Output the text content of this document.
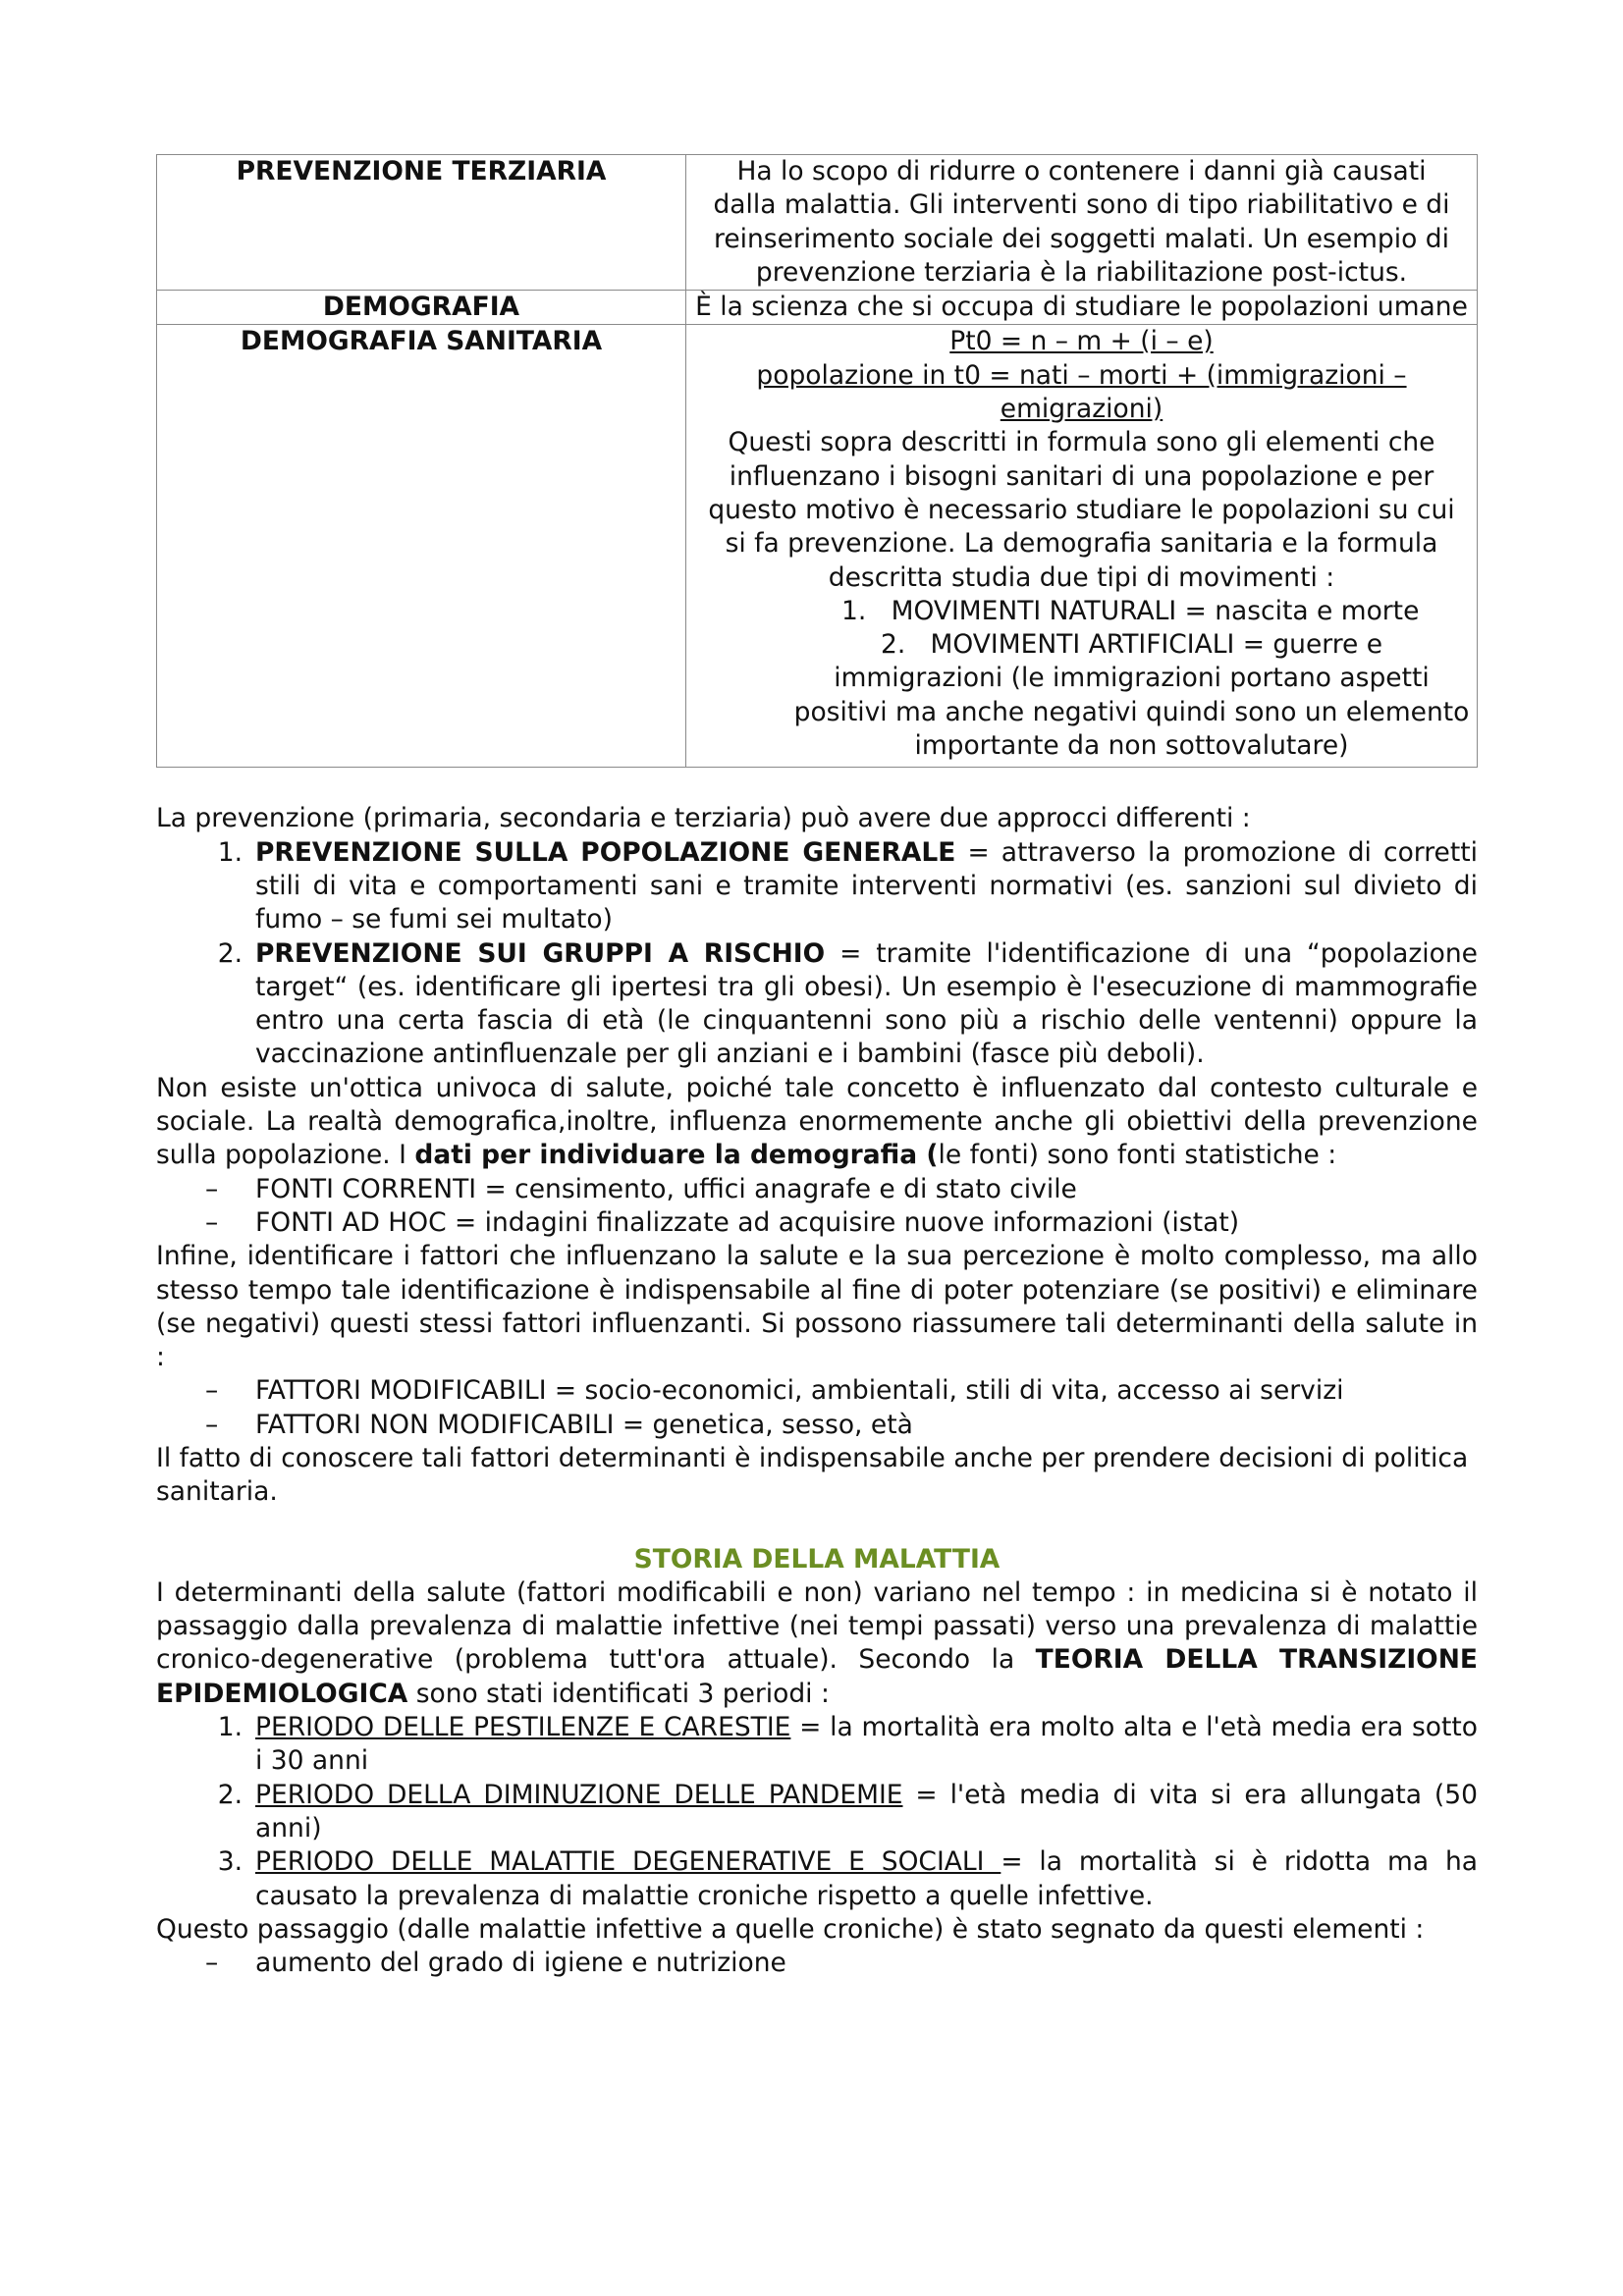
PREVENZIONE TERZIARIA	Ha lo scopo di ridurre o contenere i danni già causati dalla malattia. Gli interventi sono di tipo riabilitativo e di reinserimento sociale dei soggetti malati. Un esempio di prevenzione terziaria è la riabilitazione post-ictus.
DEMOGRAFIA	È la scienza che si occupa di studiare le popolazioni umane
DEMOGRAFIA SANITARIA	Pt0 = n – m + (i – e)
popolazione in t0 = nati – morti + (immigrazioni – emigrazioni)
Questi sopra descritti in formula sono gli elementi che influenzano i bisogni sanitari di una popolazione e per questo motivo è necessario studiare le popolazioni su cui si fa prevenzione. La demografia sanitaria e la formula descritta studia due tipi di movimenti :
1. MOVIMENTI NATURALI = nascita e morte
2. MOVIMENTI ARTIFICIALI = guerre e immigrazioni (le immigrazioni portano aspetti positivi ma anche negativi quindi sono un elemento importante da non sottovalutare)

La prevenzione (primaria, secondaria e terziaria) può avere due approcci differenti :

1. PREVENZIONE SULLA POPOLAZIONE GENERALE = attraverso la promozione di corretti stili di vita e comportamenti sani e tramite interventi normativi (es. sanzioni sul divieto di fumo – se fumi sei multato)
2. PREVENZIONE SUI GRUPPI A RISCHIO = tramite l'identificazione di una “popolazione target“ (es. identificare gli ipertesi tra gli obesi). Un esempio è l'esecuzione di mammografie entro una certa fascia di età (le cinquantenni sono più a rischio delle ventenni) oppure la vaccinazione antinfluenzale per gli anziani e i bambini (fasce più deboli).

Non esiste un'ottica univoca di salute, poiché tale concetto è influenzato dal contesto culturale e sociale. La realtà demografica,inoltre, influenza enormemente anche gli obiettivi della prevenzione sulla popolazione. I dati per individuare la demografia (le fonti) sono fonti statistiche :

– FONTI CORRENTI = censimento, uffici anagrafe e di stato civile
– FONTI AD HOC = indagini finalizzate ad acquisire nuove informazioni (istat)

Infine, identificare i fattori che influenzano la salute e la sua percezione è molto complesso, ma allo stesso tempo tale identificazione è indispensabile al fine di poter potenziare (se positivi) e eliminare (se negativi) questi stessi fattori influenzanti. Si possono riassumere tali determinanti della salute in :

– FATTORI MODIFICABILI = socio-economici, ambientali, stili di vita, accesso ai servizi
– FATTORI NON MODIFICABILI = genetica, sesso, età

Il fatto di conoscere tali fattori determinanti è indispensabile anche per prendere decisioni di politica sanitaria.

STORIA DELLA MALATTIA

I determinanti della salute (fattori modificabili e non) variano nel tempo : in medicina si è notato il passaggio dalla prevalenza di malattie infettive (nei tempi passati) verso una prevalenza di malattie cronico-degenerative (problema tutt'ora attuale). Secondo la TEORIA DELLA TRANSIZIONE EPIDEMIOLOGICA sono stati identificati 3 periodi :

1. PERIODO DELLE PESTILENZE E CARESTIE = la mortalità era molto alta e l'età media era sotto i 30 anni
2. PERIODO DELLA DIMINUZIONE DELLE PANDEMIE = l'età media di vita si era allungata (50 anni)
3. PERIODO DELLE MALATTIE DEGENERATIVE E SOCIALI = la mortalità si è ridotta ma ha causato la prevalenza di malattie croniche rispetto a quelle infettive.

Questo passaggio (dalle malattie infettive a quelle croniche) è stato segnato da questi elementi :

– aumento del grado di igiene e nutrizione
